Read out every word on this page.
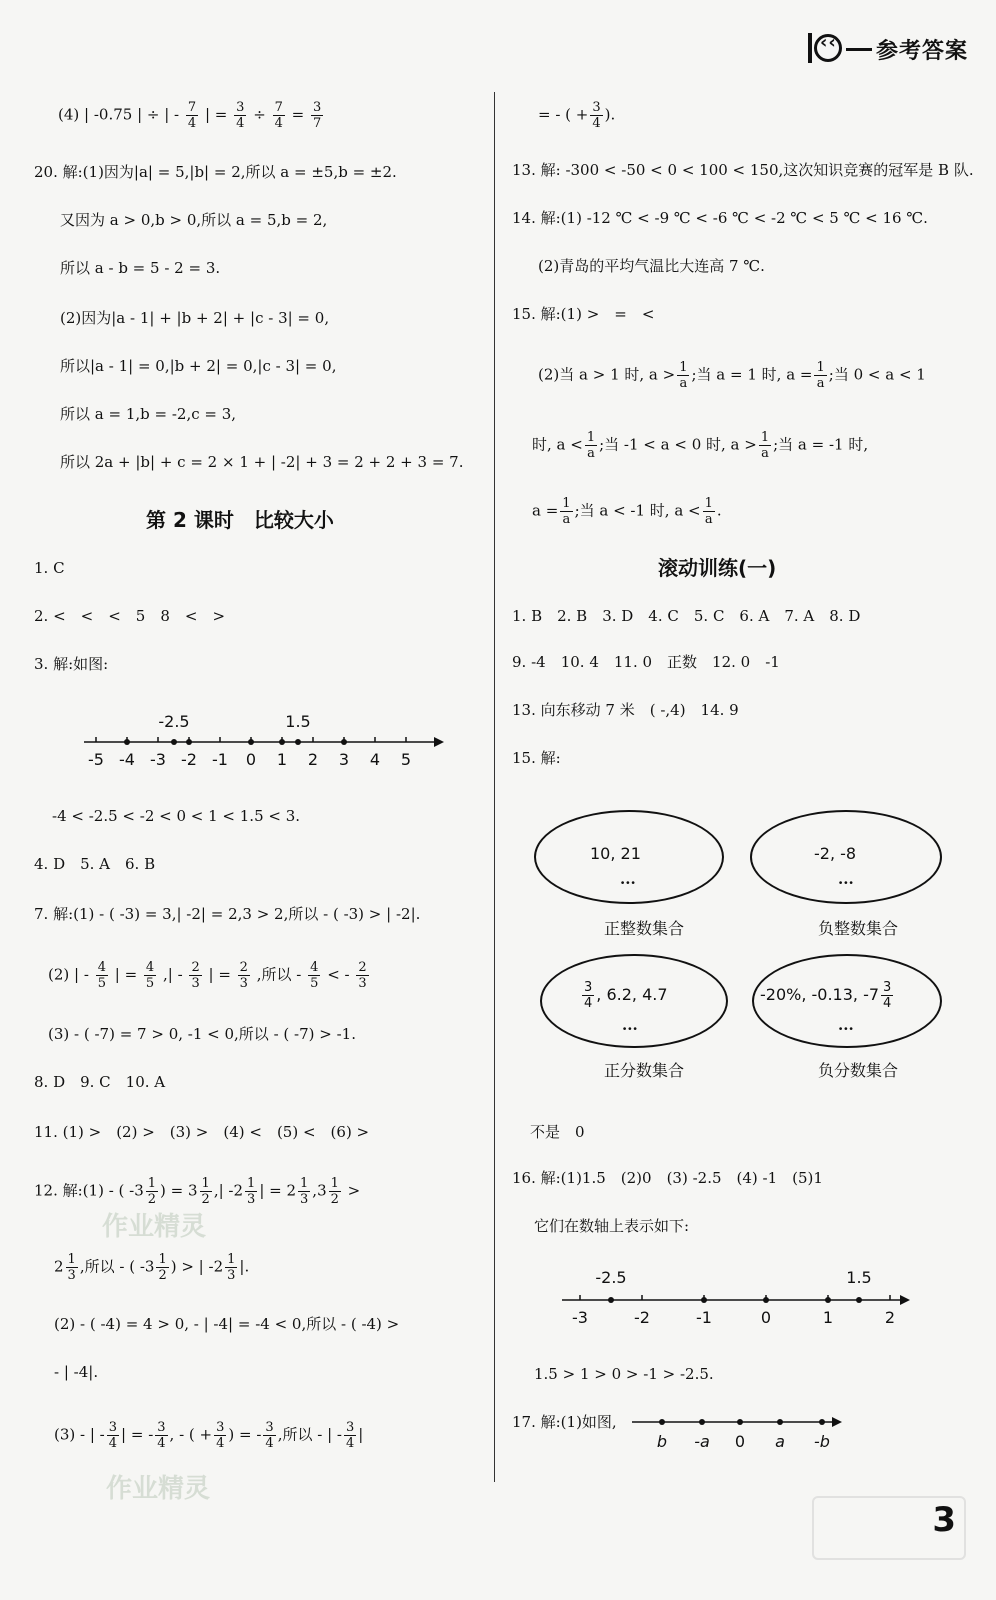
‹‹参考答案
(4) | -0.75 | ÷ | - $\frac{7}{4}$ | = $\frac{3}{4} \div \frac{7}{4} = \frac{3}{7}$
20. 解:(1)因为|a| = 5,|b| = 2,所以 a = ±5,b = ±2.
又因为 a > 0,b > 0,所以 a = 5,b = 2,
所以 a - b = 5 - 2 = 3.
(2)因为|a - 1| + |b + 2| + |c - 3| = 0,
所以|a - 1| = 0,|b + 2| = 0,|c - 3| = 0,
所以 a = 1,b = -2,c = 3,
所以 2a + |b| + c = 2 × 1 + | -2| + 3 = 2 + 2 + 3 = 7.
第 2 课时　比较大小
1. C
2. <　<　<　5　8　<　>
3. 解:如图:
-2.5	1.5
-5 -4 -3 -2 -1 0 1 2 3 4 5
-4 < -2.5 < -2 < 0 < 1 < 1.5 < 3.
4. D　5. A　6. B
7. 解:(1) - ( -3) = 3,| -2| = 2,3 > 2,所以 - ( -3) > | -2|.
(2) | - $\frac{4}{5}$ | = $\frac{4}{5}$ ,| - $\frac{2}{3}$ | = $\frac{2}{3}$ ,所以 - $\frac{4}{5}$ < - $\frac{2}{3}$
(3) - ( -7) = 7 > 0, -1 < 0,所以 - ( -7) > -1.
8. D　9. C　10. A
11. (1) >　(2) >　(3) >　(4) <　(5) <　(6) >
12. 解:(1) - ( $-3 \frac{1}{2}$ ) = $3 \frac{1}{2}$ ,| $-2 \frac{1}{3}$ | = $2 \frac{1}{3} ,3 \frac{1}{2}$ >
作业精灵
$2 \frac{1}{3}$ ,所以 - ( $-3 \frac{1}{2}$ ) > | $-2 \frac{1}{3}$ |.
(2) - ( -4) = 4 > 0, - | -4| = -4 < 0,所以 - ( -4) >
- | -4|.
(3) - | - $\frac{3}{4}$ | = - $\frac{3}{4}$ , - ( + $\frac{3}{4}$ ) = - $\frac{3}{4}$ ,所以 - | - $\frac{3}{4}$ |
作业精灵
= - ( + $\frac{3}{4}$ ).
13. 解: -300 < -50 < 0 < 100 < 150,这次知识竞赛的冠军是 B 队.
14. 解:(1) -12 ℃ < -9 ℃ < -6 ℃ < -2 ℃ < 5 ℃ < 16 ℃.
(2)青岛的平均气温比大连高 7 ℃.
15. 解:(1) >　=　<
(2)当 a > 1 时, $a > \frac{1}{a}$ ;当 a = 1 时, $a = \frac{1}{a}$ ;当 0 < a < 1
时, $a < \frac{1}{a}$ ;当 -1 < a < 0 时, $a > \frac{1}{a}$ ;当 a = -1 时,
$a = \frac{1}{a}$ ;当 a < -1 时, $a < \frac{1}{a}$ .
滚动训练(一)
1. B　2. B　3. D　4. C　5. C　6. A　7. A　8. D
9. -4　10. 4　11. 0　正数　12. 0　-1
13. 向东移动 7 米　( -,4)　14. 9
15. 解:
10, 21
...
正整数集合
-2, -8
...
负整数集合
$\frac{3}{4}$ , 6.2, 4.7
...
正分数集合
-20%, -0.13, $-7 \frac{3}{4}$
...
负分数集合
不是　0
16. 解:(1)1.5　(2)0　(3) -2.5　(4) -1　(5)1
它们在数轴上表示如下:
-2.5	1.5
-3	-2	-1	0	1	2
1.5 > 1 > 0 > -1 > -2.5.
17. 解:(1)如图,
b -a 0 a -b
3
